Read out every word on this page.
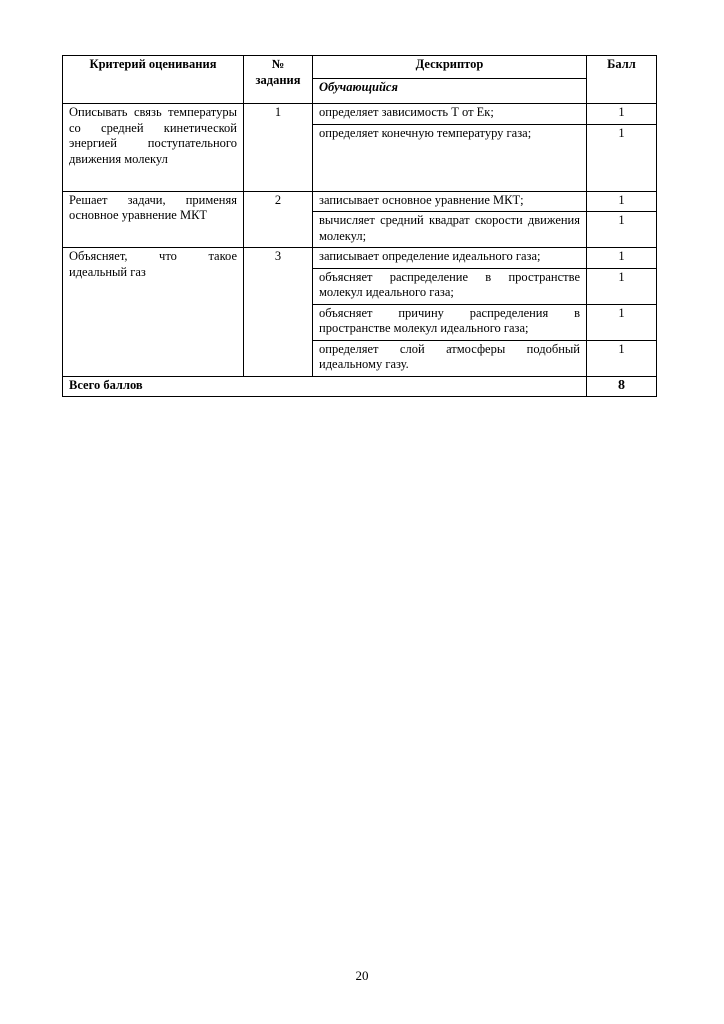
Критерий оценивания	№ задания	Дескриптор	Балл
		Обучающийся	
Описывать связь температуры со средней кинетической энергией поступательного движения молекул	1	определяет зависимость Т от Eк;	1
		определяет конечную температуру газа;	1
Решает задачи, применяя основное уравнение МКТ	2	записывает основное уравнение МКТ;	1
		вычисляет средний квадрат скорости движения молекул;	1
Объясняет, что такое идеальный газ	3	записывает определение идеального газа;	1
		объясняет распределение в пространстве молекул идеального газа;	1
		объясняет причину распределения в пространстве молекул идеального газа;	1
		определяет слой атмосферы подобный идеальному газу.	1
Всего баллов			8
20
